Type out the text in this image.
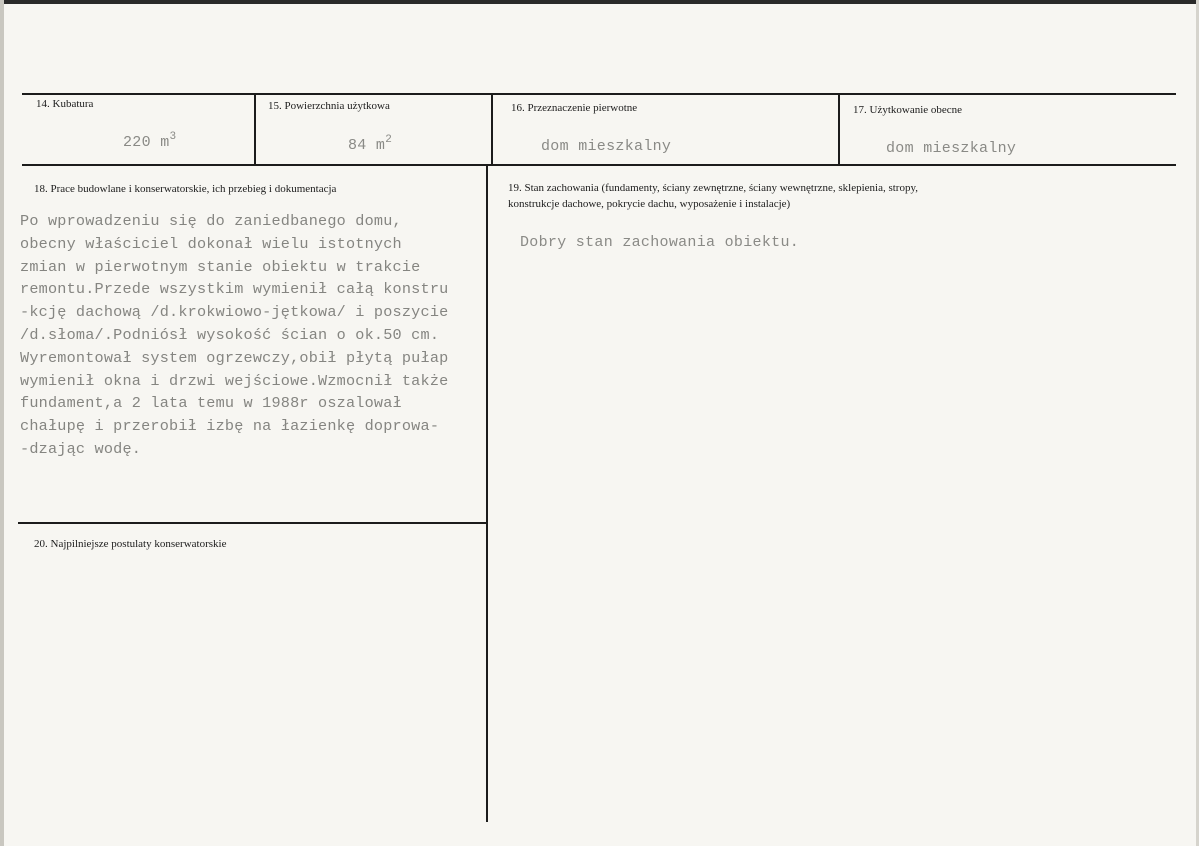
14. Kubatura
220 $m^3$
15. Powierzchnia użytkowa
84 $m^2$
16. Przeznaczenie pierwotne
dom mieszkalny
17. Użytkowanie obecne
dom mieszkalny
18. Prace budowlane i konserwatorskie, ich przebieg i dokumentacja
Po wprowadzeniu się do zaniedbanego domu,
obecny właściciel dokonał wielu istotnych
zmian w pierwotnym stanie obiektu w trakcie
remontu.Przede wszystkim wymienił całą konstru
-kcję dachową /d.krokwiowo-jętkowa/ i poszycie
/d.słoma/.Podniósł wysokość ścian o ok.50 cm.
Wyremontował system ogrzewczy,obił płytą pułap
wymienił okna i drzwi wejściowe.Wzmocnił także
fundament,a 2 lata temu w 1988r oszalował
chałupę i przerobił izbę na łazienkę doprowa-
-dzając wodę.
19. Stan zachowania (fundamenty, ściany zewnętrzne, ściany wewnętrzne, sklepienia, stropy,
konstrukcje dachowe, pokrycie dachu, wyposażenie i instalacje)
Dobry stan zachowania obiektu.
20. Najpilniejsze postulaty konserwatorskie
